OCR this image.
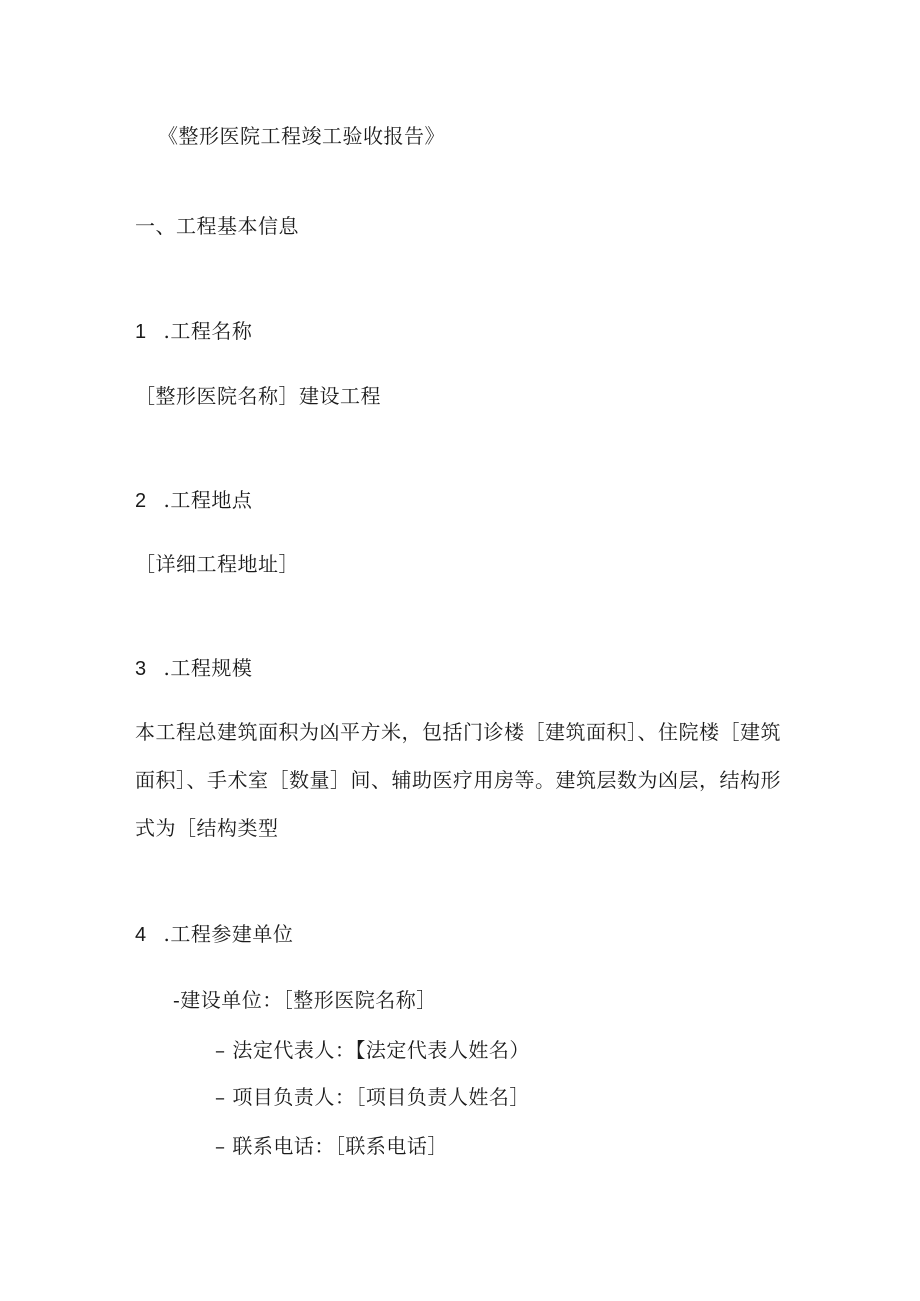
《整形医院工程竣工验收报告》
一、工程基本信息
1 .工程名称
［整形医院名称］建设工程
2 .工程地点
［详细工程地址］
3 .工程规模
本工程总建筑面积为凶平方米，包括门诊楼［建筑面积］、住院楼［建筑
面积］、手术室［数量］间、辅助医疗用房等。建筑层数为凶层，结构形
式为［结构类型
4 .工程参建单位
-建设单位：［整形医院名称］
– 法定代表人：【法定代表人姓名）
– 项目负责人：［项目负责人姓名］
– 联系电话：［联系电话］
